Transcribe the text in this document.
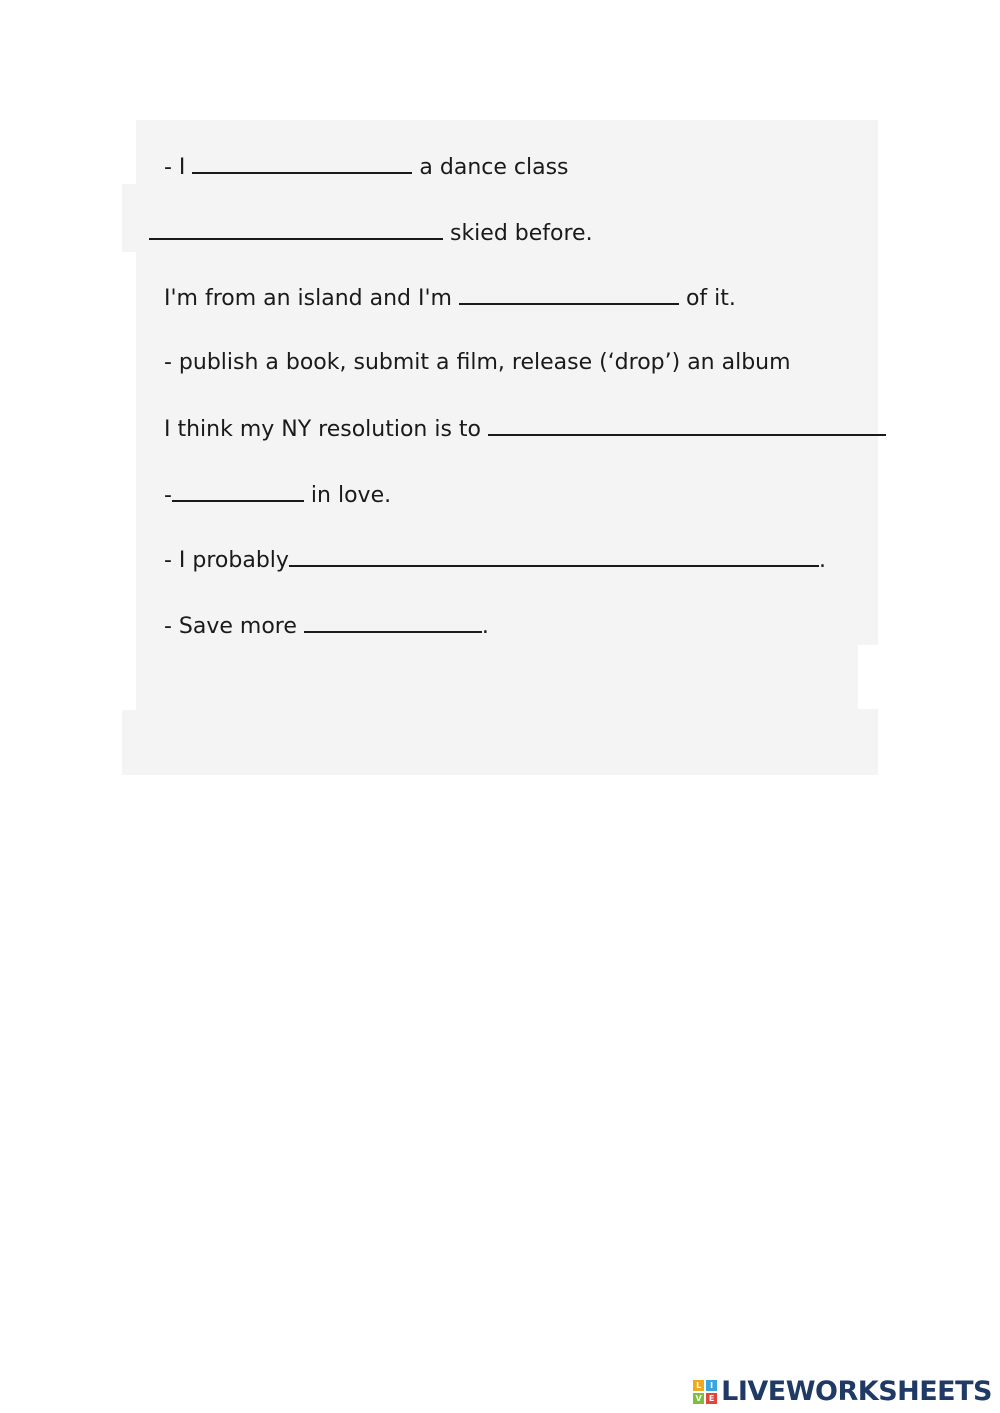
- I	a dance class

skied before.

I'm from an island and I'm	of it.

- publish a book, submit a film, release (‘drop’) an album

I think my NY resolution is to

-	in love.

- I probably	.

- Save more	.

L	I
V E LIVEWORKSHEETS
